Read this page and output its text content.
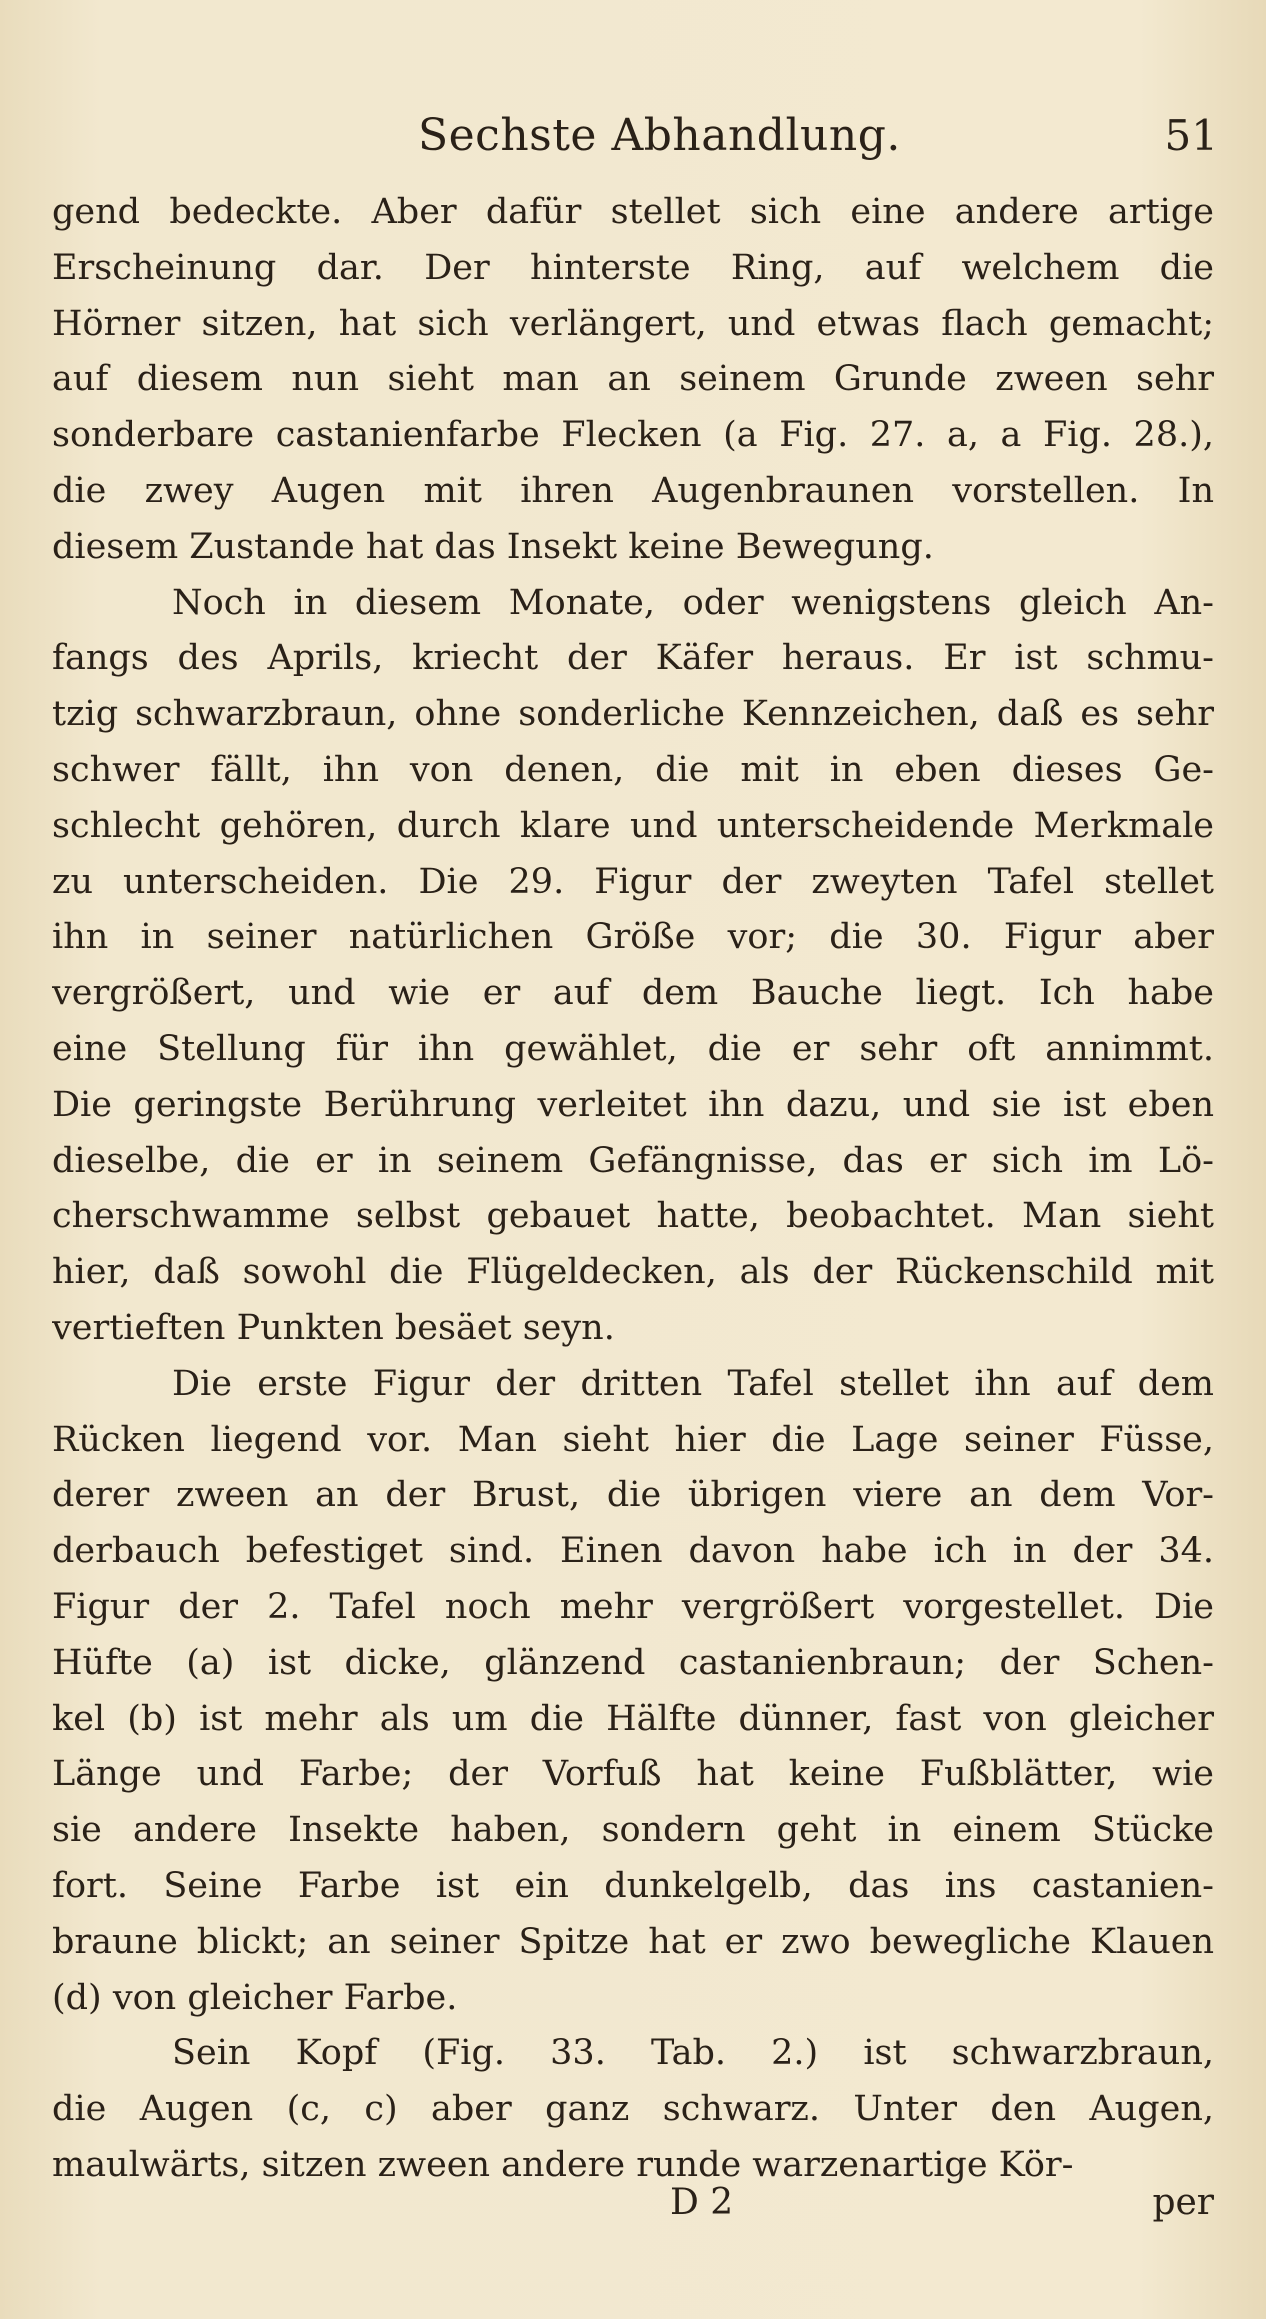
Sechste Abhandlung.	51
gend bedeckte. Aber dafür stellet sich eine andere artige
Erscheinung dar. Der hinterste Ring, auf welchem die
Hörner sitzen, hat sich verlängert, und etwas flach gemacht;
auf diesem nun sieht man an seinem Grunde zween sehr
sonderbare castanienfarbe Flecken (a Fig. 27. a, a Fig. 28.),
die zwey Augen mit ihren Augenbraunen vorstellen. In
diesem Zustande hat das Insekt keine Bewegung.
Noch in diesem Monate, oder wenigstens gleich An-
fangs des Aprils, kriecht der Käfer heraus. Er ist schmu-
tzig schwarzbraun, ohne sonderliche Kennzeichen, daß es sehr
schwer fällt, ihn von denen, die mit in eben dieses Ge-
schlecht gehören, durch klare und unterscheidende Merkmale
zu unterscheiden. Die 29. Figur der zweyten Tafel stellet
ihn in seiner natürlichen Größe vor; die 30. Figur aber
vergrößert, und wie er auf dem Bauche liegt. Ich habe
eine Stellung für ihn gewählet, die er sehr oft annimmt.
Die geringste Berührung verleitet ihn dazu, und sie ist eben
dieselbe, die er in seinem Gefängnisse, das er sich im Lö-
cherschwamme selbst gebauet hatte, beobachtet. Man sieht
hier, daß sowohl die Flügeldecken, als der Rückenschild mit
vertieften Punkten besäet seyn.
Die erste Figur der dritten Tafel stellet ihn auf dem
Rücken liegend vor. Man sieht hier die Lage seiner Füsse,
derer zween an der Brust, die übrigen viere an dem Vor-
derbauch befestiget sind. Einen davon habe ich in der 34.
Figur der 2. Tafel noch mehr vergrößert vorgestellet. Die
Hüfte (a) ist dicke, glänzend castanienbraun; der Schen-
kel (b) ist mehr als um die Hälfte dünner, fast von gleicher
Länge und Farbe; der Vorfuß hat keine Fußblätter, wie
sie andere Insekte haben, sondern geht in einem Stücke
fort. Seine Farbe ist ein dunkelgelb, das ins castanien-
braune blickt; an seiner Spitze hat er zwo bewegliche Klauen
(d) von gleicher Farbe.
Sein Kopf (Fig. 33. Tab. 2.) ist schwarzbraun,
die Augen (c, c) aber ganz schwarz. Unter den Augen,
maulwärts, sitzen zween andere runde warzenartige Kör-
D 2	per
